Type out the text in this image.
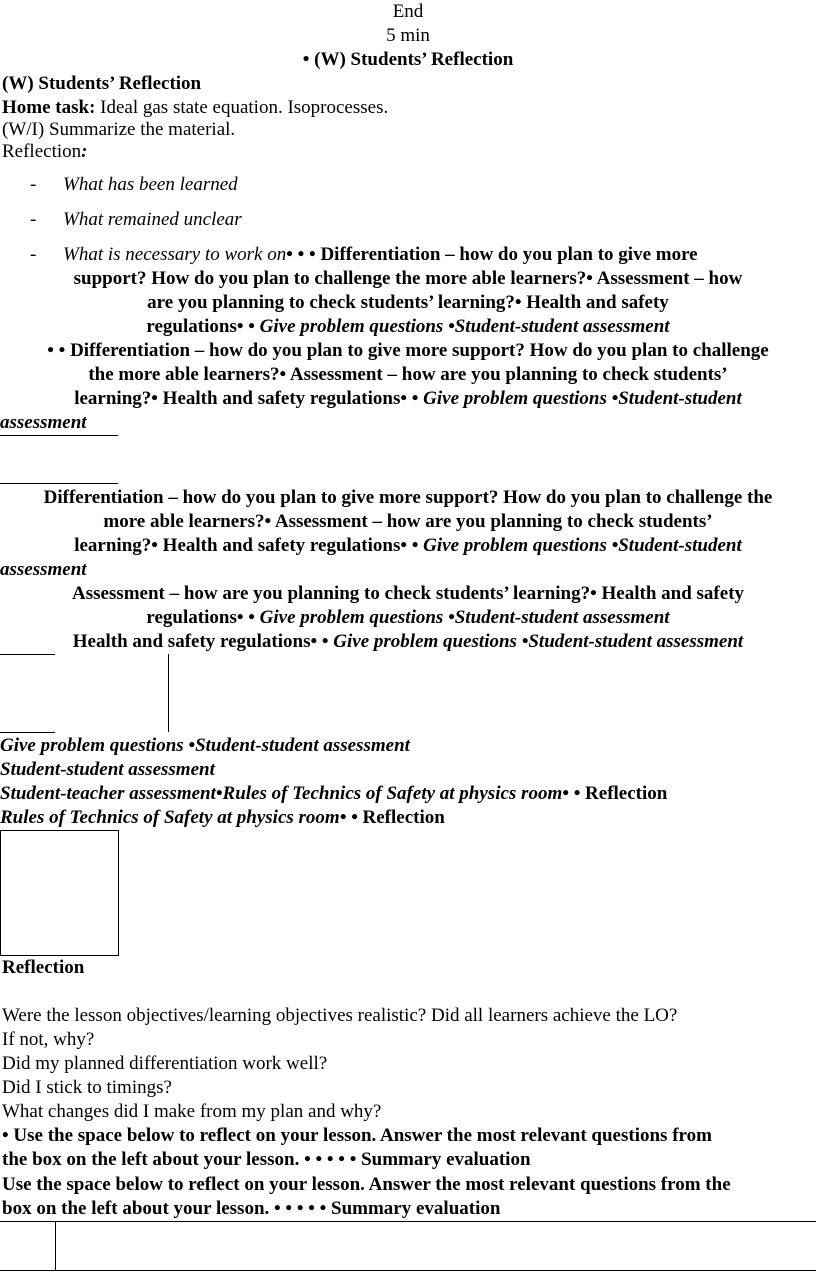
End
5 min
• (W) Students’ Reflection
(W) Students’ Reflection
Home task: Ideal gas state equation. Isoprocesses.
(W/I) Summarize the material.
Reflection:
- What has been learned
- What remained unclear
- What is necessary to work on• • • Differentiation – how do you plan to give more
support? How do you plan to challenge the more able learners?• Assessment – how
are you planning to check students’ learning?• Health and safety
regulations• • Give problem questions •Student-student assessment
• • Differentiation – how do you plan to give more support? How do you plan to challenge
the more able learners?• Assessment – how are you planning to check students’
learning?• Health and safety regulations• • Give problem questions •Student-student
assessment
Differentiation – how do you plan to give more support? How do you plan to challenge the
more able learners?• Assessment – how are you planning to check students’
learning?• Health and safety regulations• • Give problem questions •Student-student
assessment
Assessment – how are you planning to check students’ learning?• Health and safety
regulations• • Give problem questions •Student-student assessment
Health and safety regulations• • Give problem questions •Student-student assessment
Give problem questions •Student-student assessment
Student-student assessment
Student-teacher assessment•Rules of Technics of Safety at physics room• • Reflection
Rules of Technics of Safety at physics room• • Reflection
Reflection
Were the lesson objectives/learning objectives realistic? Did all learners achieve the LO?
If not, why?
Did my planned differentiation work well?
Did I stick to timings?
What changes did I make from my plan and why?
• Use the space below to reflect on your lesson. Answer the most relevant questions from
the box on the left about your lesson. • • • • • Summary evaluation
Use the space below to reflect on your lesson. Answer the most relevant questions from the
box on the left about your lesson. • • • • • Summary evaluation
